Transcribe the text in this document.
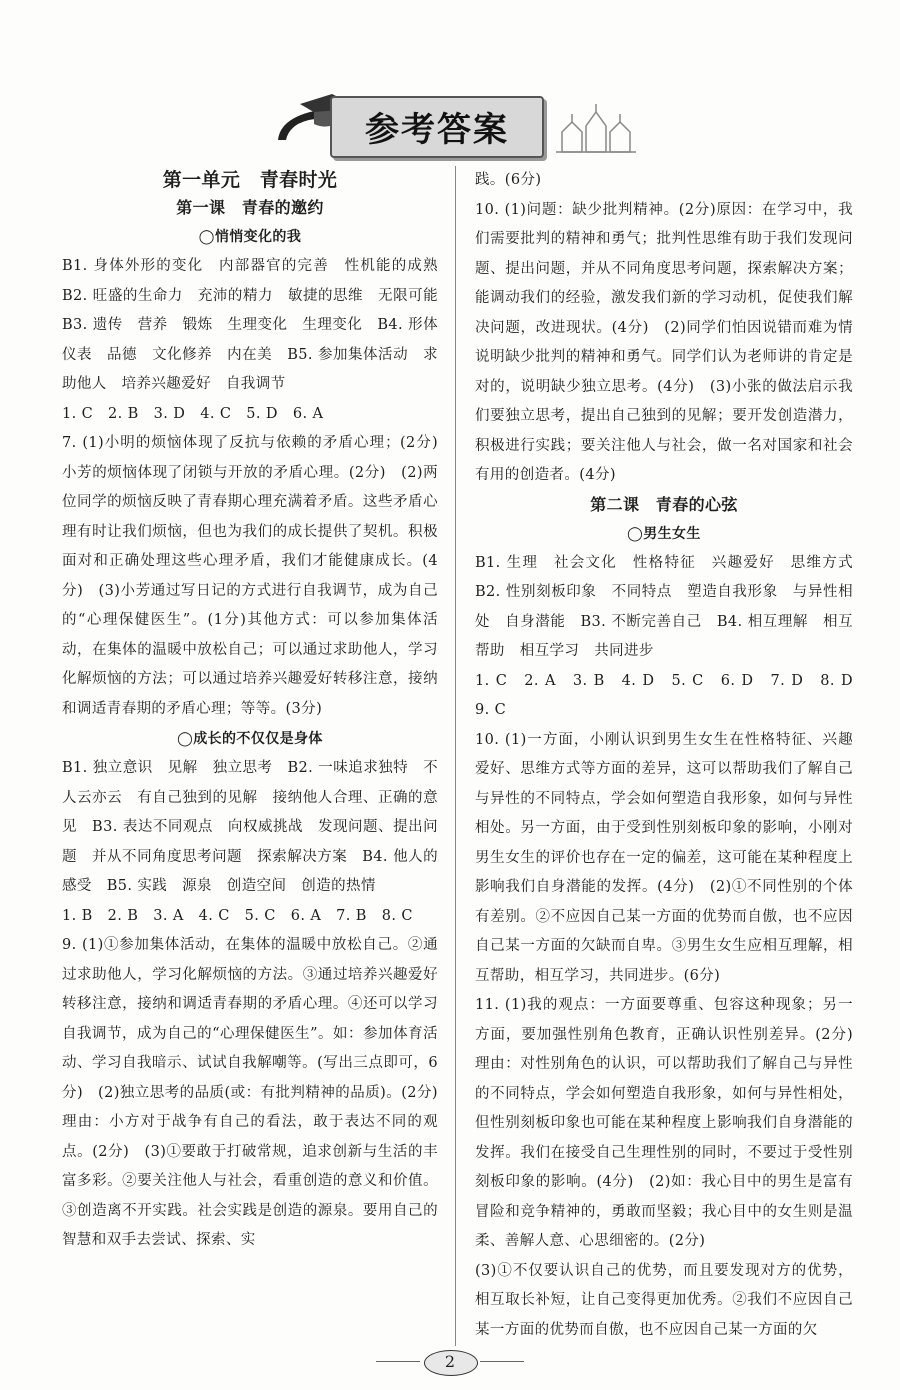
参考答案
第一单元　青春时光
第一课　青春的邀约
◯悄悄变化的我

B1. 身体外形的变化　内部器官的完善　性机能的成熟　B2. 旺盛的生命力　充沛的精力　敏捷的思维　无限可能　B3. 遗传　营养　锻炼　生理变化　生理变化　B4. 形体　仪表　品德　文化修养　内在美　B5. 参加集体活动　求助他人　培养兴趣爱好　自我调节

1. C　2. B　3. D　4. C　5. D　6. A

7. (1)小明的烦恼体现了反抗与依赖的矛盾心理；(2分)小芳的烦恼体现了闭锁与开放的矛盾心理。(2分)　(2)两位同学的烦恼反映了青春期心理充满着矛盾。这些矛盾心理有时让我们烦恼，但也为我们的成长提供了契机。积极面对和正确处理这些心理矛盾，我们才能健康成长。(4分)　(3)小芳通过写日记的方式进行自我调节，成为自己的“心理保健医生”。(1分)其他方式：可以参加集体活动，在集体的温暖中放松自己；可以通过求助他人，学习化解烦恼的方法；可以通过培养兴趣爱好转移注意，接纳和调适青春期的矛盾心理；等等。(3分)

◯成长的不仅仅是身体

B1. 独立意识　见解　独立思考　B2. 一味追求独特　不人云亦云　有自己独到的见解　接纳他人合理、正确的意见　B3. 表达不同观点　向权威挑战　发现问题、提出问题　并从不同角度思考问题　探索解决方案　B4. 他人的感受　B5. 实践　源泉　创造空间　创造的热情

1. B　2. B　3. A　4. C　5. C　6. A　7. B　8. C

9. (1)①参加集体活动，在集体的温暖中放松自己。②通过求助他人，学习化解烦恼的方法。③通过培养兴趣爱好转移注意，接纳和调适青春期的矛盾心理。④还可以学习自我调节，成为自己的“心理保健医生”。如：参加体育活动、学习自我暗示、试试自我解嘲等。(写出三点即可，6分)　(2)独立思考的品质(或：有批判精神的品质)。(2分)理由：小方对于战争有自己的看法，敢于表达不同的观点。(2分)　(3)①要敢于打破常规，追求创新与生活的丰富多彩。②要关注他人与社会，看重创造的意义和价值。③创造离不开实践。社会实践是创造的源泉。要用自己的智慧和双手去尝试、探索、实

践。(6分)

10. (1)问题：缺少批判精神。(2分)原因：在学习中，我们需要批判的精神和勇气；批判性思维有助于我们发现问题、提出问题，并从不同角度思考问题，探索解决方案；能调动我们的经验，激发我们新的学习动机，促使我们解决问题，改进现状。(4分)　(2)同学们怕因说错而难为情说明缺少批判的精神和勇气。同学们认为老师讲的肯定是对的，说明缺少独立思考。(4分)　(3)小张的做法启示我们要独立思考，提出自己独到的见解；要开发创造潜力，积极进行实践；要关注他人与社会，做一名对国家和社会有用的创造者。(4分)

第二课　青春的心弦
◯男生女生

B1. 生理　社会文化　性格特征　兴趣爱好　思维方式　B2. 性别刻板印象　不同特点　塑造自我形象　与异性相处　自身潜能　B3. 不断完善自己　B4. 相互理解　相互帮助　相互学习　共同进步

1. C　2. A　3. B　4. D　5. C　6. D　7. D　8. D　9. C

10. (1)一方面，小刚认识到男生女生在性格特征、兴趣爱好、思维方式等方面的差异，这可以帮助我们了解自己与异性的不同特点，学会如何塑造自我形象，如何与异性相处。另一方面，由于受到性别刻板印象的影响，小刚对男生女生的评价也存在一定的偏差，这可能在某种程度上影响我们自身潜能的发挥。(4分)　(2)①不同性别的个体有差别。②不应因自己某一方面的优势而自傲，也不应因自己某一方面的欠缺而自卑。③男生女生应相互理解，相互帮助，相互学习，共同进步。(6分)

11. (1)我的观点：一方面要尊重、包容这种现象；另一方面，要加强性别角色教育，正确认识性别差异。(2分)理由：对性别角色的认识，可以帮助我们了解自己与异性的不同特点，学会如何塑造自我形象，如何与异性相处，但性别刻板印象也可能在某种程度上影响我们自身潜能的发挥。我们在接受自己生理性别的同时，不要过于受性别刻板印象的影响。(4分)　(2)如：我心目中的男生是富有冒险和竞争精神的，勇敢而坚毅；我心目中的女生则是温柔、善解人意、心思细密的。(2分)

(3)①不仅要认识自己的优势，而且要发现对方的优势，相互取长补短，让自己变得更加优秀。②我们不应因自己某一方面的优势而自傲，也不应因自己某一方面的欠

2
